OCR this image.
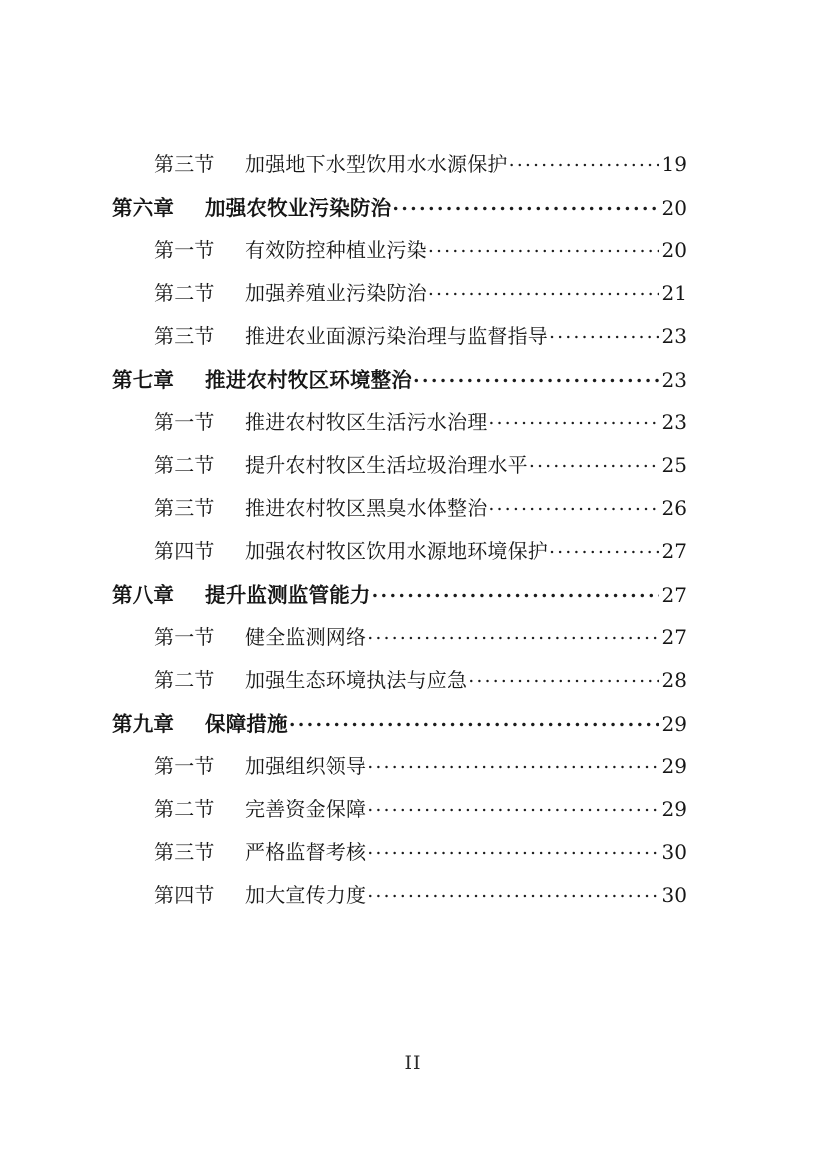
第三节	加强地下水型饮用水水源保护 .....	19
第六章	加强农牧业污染防治 .....	20
第一节	有效防控种植业污染 .....	20
第二节	加强养殖业污染防治 .....	21
第三节	推进农业面源污染治理与监督指导 .....	23
第七章	推进农村牧区环境整治 .....	23
第一节	推进农村牧区生活污水治理 .....	23
第二节	提升农村牧区生活垃圾治理水平 .....	25
第三节	推进农村牧区黑臭水体整治 .....	26
第四节	加强农村牧区饮用水源地环境保护 .....	27
第八章	提升监测监管能力 .....	27
第一节	健全监测网络 .....	27
第二节	加强生态环境执法与应急 .....	28
第九章	保障措施 .....	29
第一节	加强组织领导 .....	29
第二节	完善资金保障 .....	29
第三节	严格监督考核 .....	30
第四节	加大宣传力度 .....	30
II
